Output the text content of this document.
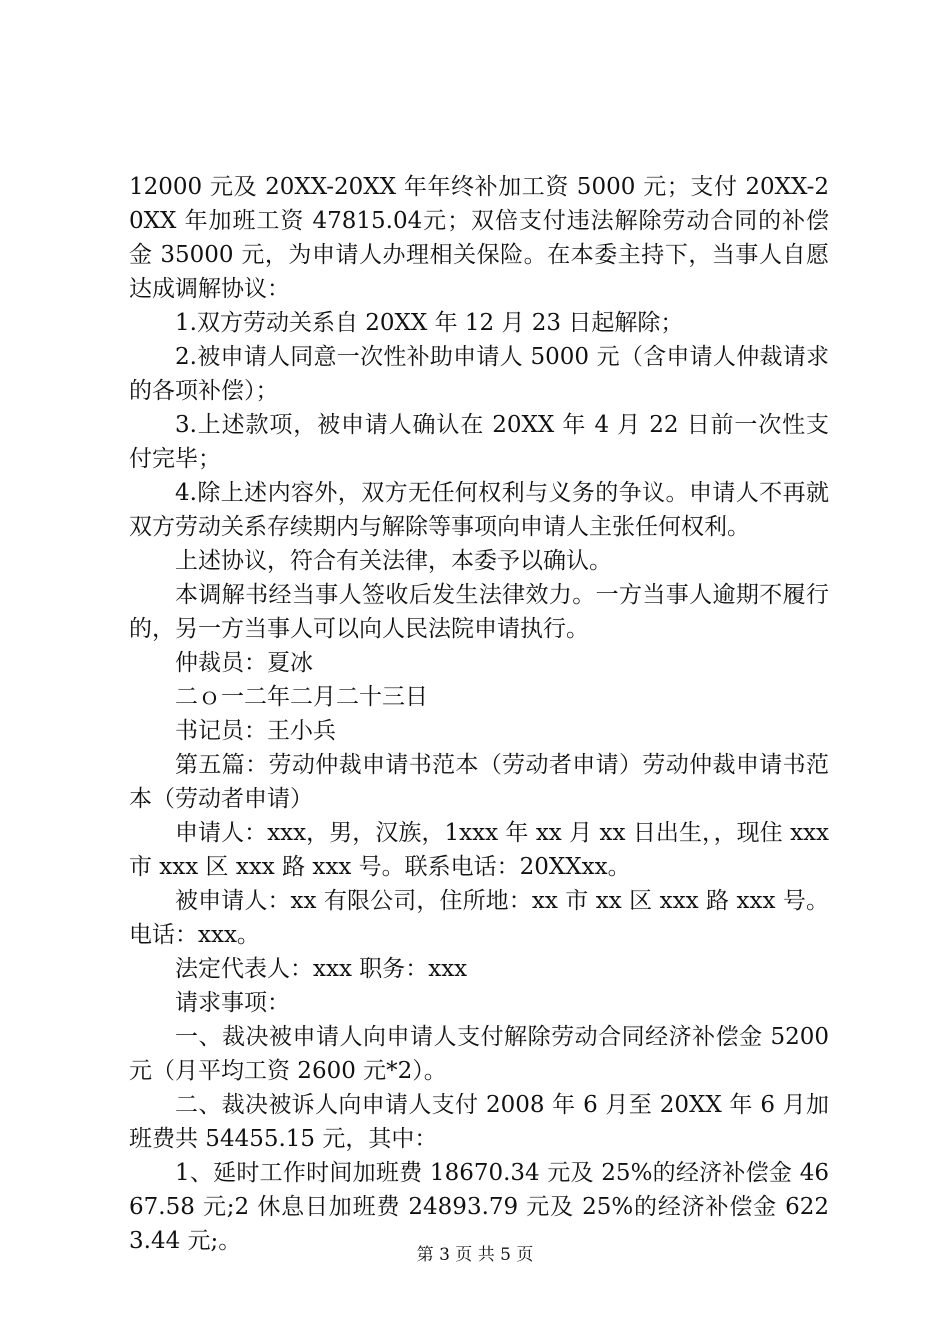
12000 元及 20XX-20XX 年年终补加工资 5000 元；支付 20XX-20XX 年加班工资 47815.04元；双倍支付违法解除劳动合同的补偿金 35000 元，为申请人办理相关保险。在本委主持下，当事人自愿达成调解协议：

1.双方劳动关系自 20XX 年 12 月 23 日起解除；

2.被申请人同意一次性补助申请人 5000 元（含申请人仲裁请求的各项补偿）；

3.上述款项，被申请人确认在 20XX 年 4 月 22 日前一次性支付完毕；

4.除上述内容外，双方无任何权利与义务的争议。申请人不再就双方劳动关系存续期内与解除等事项向申请人主张任何权利。

上述协议，符合有关法律，本委予以确认。

本调解书经当事人签收后发生法律效力。一方当事人逾期不履行的，另一方当事人可以向人民法院申请执行。

仲裁员：夏冰

二ｏ一二年二月二十三日

书记员：王小兵

第五篇：劳动仲裁申请书范本（劳动者申请）劳动仲裁申请书范本（劳动者申请）

申请人：xxx，男，汉族，1xxx 年 xx 月 xx 日出生，，现住 xxx 市 xxx 区 xxx 路 xxx 号。联系电话：20XXxx。

被申请人：xx 有限公司，住所地：xx 市 xx 区 xxx 路 xxx 号。电话：xxx。

法定代表人：xxx 职务：xxx

请求事项：

一、裁决被申请人向申请人支付解除劳动合同经济补偿金 5200 元（月平均工资 2600 元*2）。

二、裁决被诉人向申请人支付 2008 年 6 月至 20XX 年 6 月加班费共 54455.15 元，其中：

1、延时工作时间加班费 18670.34 元及 25%的经济补偿金 4667.58 元;2 休息日加班费 24893.79 元及 25%的经济补偿金 6223.44 元;。

第 3 页 共 5 页
